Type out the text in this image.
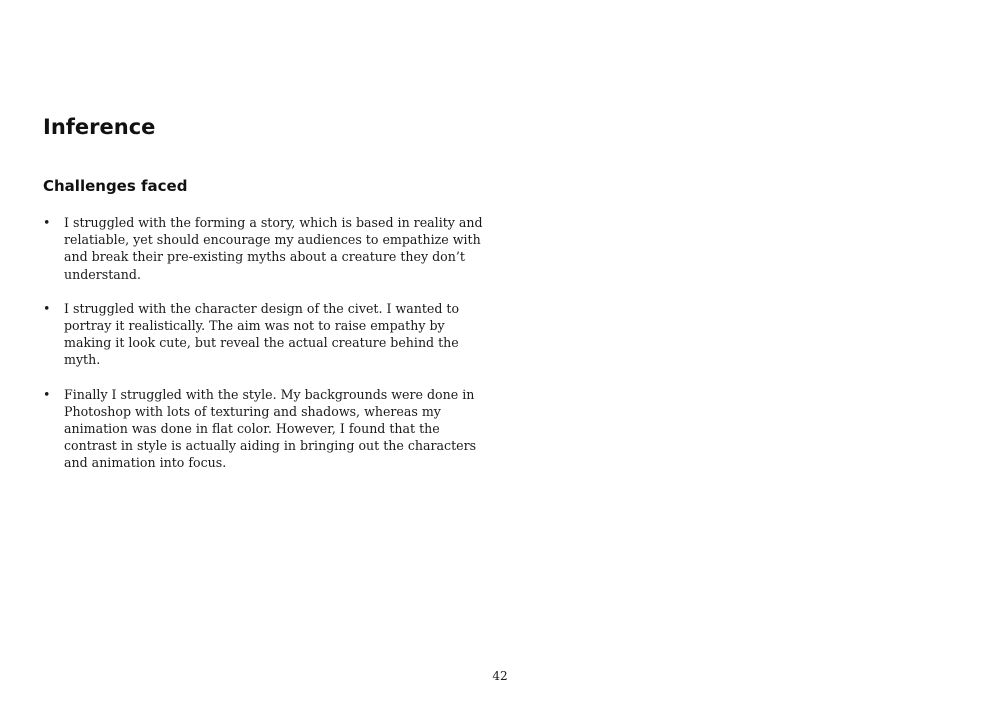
Inference
Challenges faced
• I struggled with the forming a story, which is based in reality and relatiable, yet should encourage my audiences to empathize with and break their pre-existing myths about a creature they don’t understand.
• I struggled with the character design of the civet. I wanted to portray it realistically. The aim was not to raise empathy by making it look cute, but reveal the actual creature behind the myth.
• Finally I struggled with the style. My backgrounds were done in Photoshop with lots of texturing and shadows, whereas my animation was done in flat color. However, I found that the contrast in style is actually aiding in bringing out the characters and animation into focus.
42
